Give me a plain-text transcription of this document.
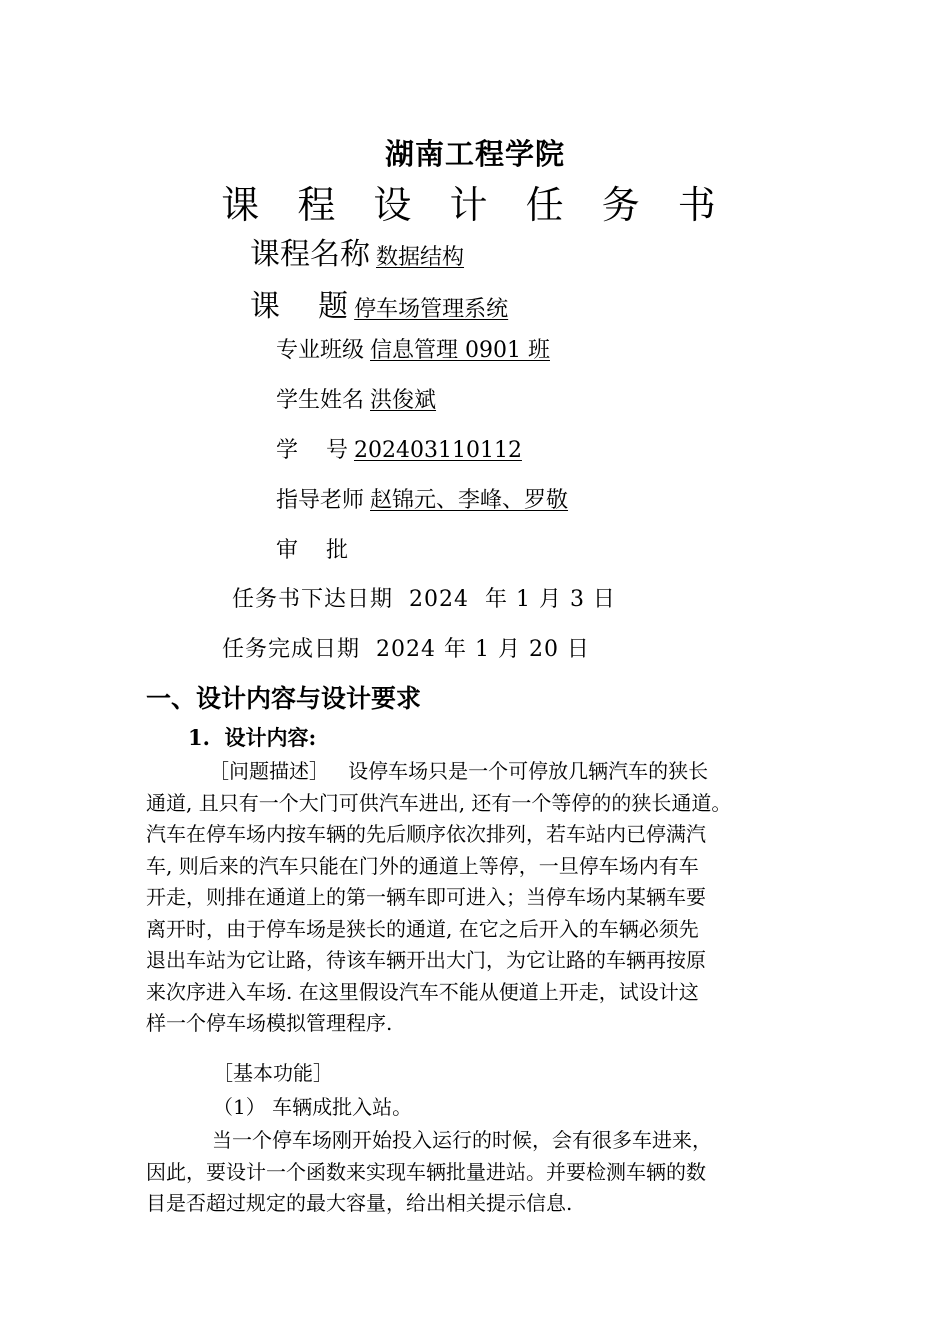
湖南工程学院
课 程 设 计 任 务 书
课程名称 数据结构
课    题 停车场管理系统
专业班级 信息管理 0901 班
学生姓名 洪俊斌
学    号 202403110112
指导老师 赵锦元、李峰、罗敬
审    批
任务书下达日期  2024  年 1 月 3 日
任务完成日期  2024 年 1 月 20 日
一、设计内容与设计要求
1.  设计内容:
［问题描述］   设停车场只是一个可停放几辆汽车的狭长
通道, 且只有一个大门可供汽车进出, 还有一个等停的的狭长通道。
汽车在停车场内按车辆的先后顺序依次排列，若车站内已停满汽
车, 则后来的汽车只能在门外的通道上等停，一旦停车场内有车
开走，则排在通道上的第一辆车即可进入；当停车场内某辆车要
离开时，由于停车场是狭长的通道, 在它之后开入的车辆必须先
退出车站为它让路，待该车辆开出大门，为它让路的车辆再按原
来次序进入车场. 在这里假设汽车不能从便道上开走，试设计这
样一个停车场模拟管理程序.
［基本功能］
（1） 车辆成批入站。
当一个停车场刚开始投入运行的时候，会有很多车进来，
因此，要设计一个函数来实现车辆批量进站。并要检测车辆的数
目是否超过规定的最大容量，给出相关提示信息.
